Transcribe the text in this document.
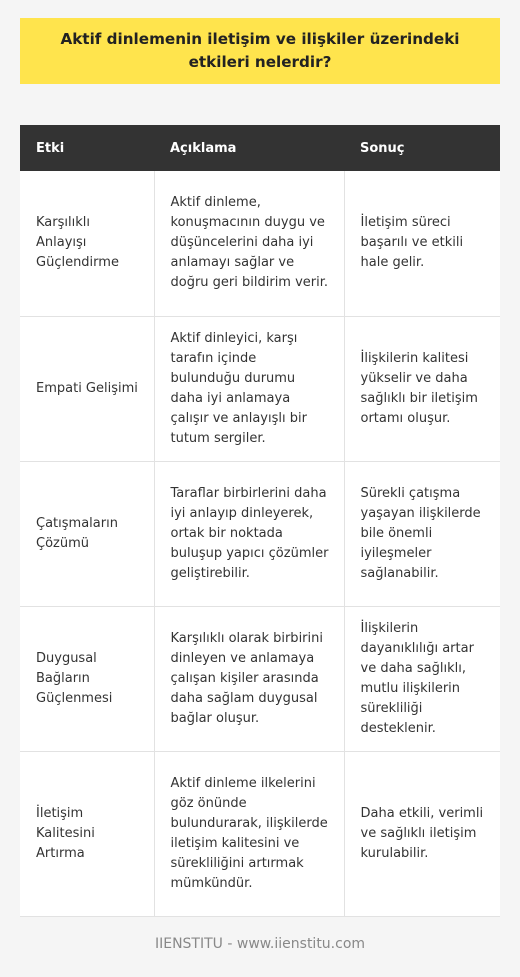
Aktif dinlemenin iletişim ve ilişkiler üzerindeki etkileri nelerdir?
Etki	Açıklama	Sonuç
Karşılıklı Anlayışı Güçlendirme	Aktif dinleme, konuşmacının duygu ve düşüncelerini daha iyi anlamayı sağlar ve doğru geri bildirim verir.	İletişim süreci başarılı ve etkili hale gelir.
Empati Gelişimi	Aktif dinleyici, karşı tarafın içinde bulunduğu durumu daha iyi anlamaya çalışır ve anlayışlı bir tutum sergiler.	İlişkilerin kalitesi yükselir ve daha sağlıklı bir iletişim ortamı oluşur.
Çatışmaların Çözümü	Taraflar birbirlerini daha iyi anlayıp dinleyerek, ortak bir noktada buluşup yapıcı çözümler geliştirebilir.	Sürekli çatışma yaşayan ilişkilerde bile önemli iyileşmeler sağlanabilir.
Duygusal Bağların Güçlenmesi	Karşılıklı olarak birbirini dinleyen ve anlamaya çalışan kişiler arasında daha sağlam duygusal bağlar oluşur.	İlişkilerin dayanıklılığı artar ve daha sağlıklı, mutlu ilişkilerin sürekliliği desteklenir.
İletişim Kalitesini Artırma	Aktif dinleme ilkelerini göz önünde bulundurarak, ilişkilerde iletişim kalitesini ve sürekliliğini artırmak mümkündür.	Daha etkili, verimli ve sağlıklı iletişim kurulabilir.
IIENSTITU - www.iienstitu.com
